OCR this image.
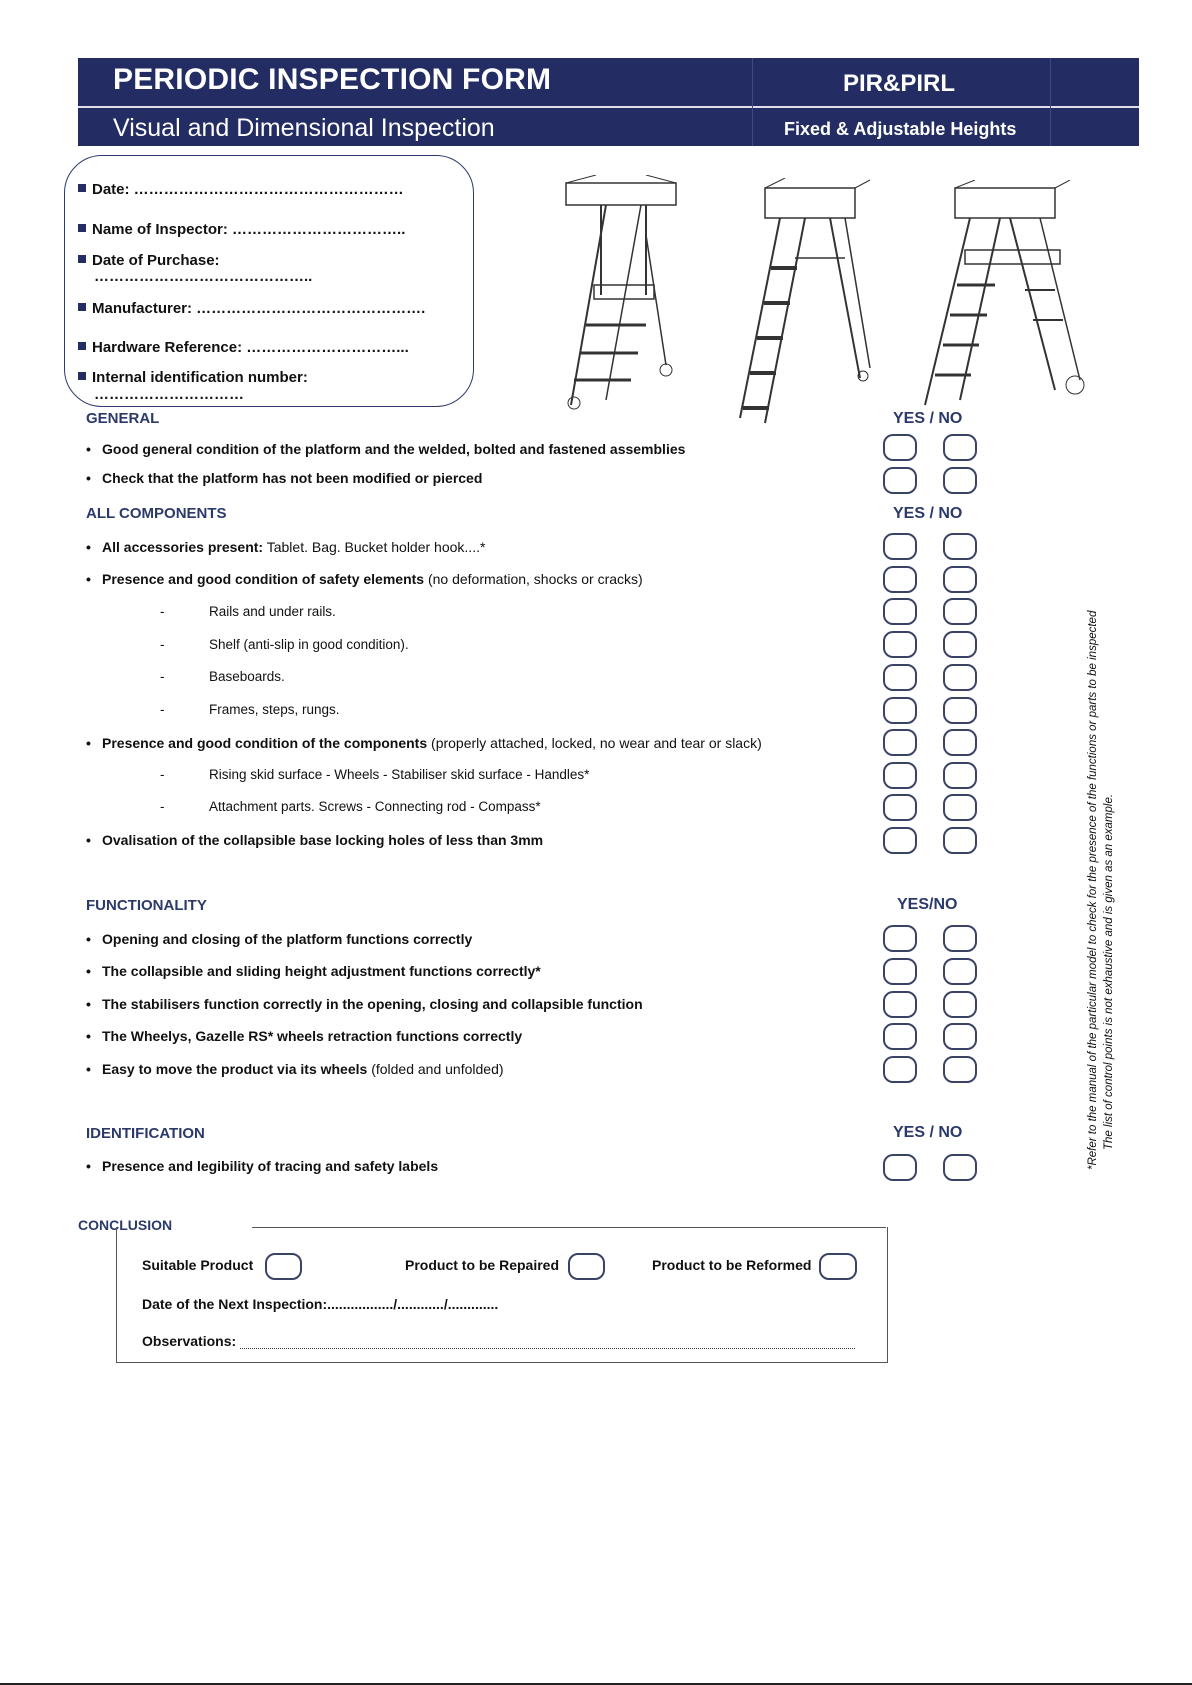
PERIODIC INSPECTION FORM
Visual and Dimensional Inspection
PIR&PIRL
Fixed & Adjustable Heights
Date: ………………………………………………
Name of Inspector: ……………………………..
Date of Purchase:
……………………………………..
Manufacturer: ……………………………………….
Hardware Reference: …………………………...
Internal identification number:
…………………………
GENERAL	YES / NO
• Good general condition of the platform and the welded, bolted and fastened assemblies
• Check that the platform has not been modified or pierced
ALL COMPONENTS	YES / NO
• All accessories present: Tablet. Bag. Bucket holder hook....*
• Presence and good condition of safety elements (no deformation, shocks or cracks)
-	Rails and under rails.
-	Shelf (anti-slip in good condition).
-	Baseboards.
-	Frames, steps, rungs.
• Presence and good condition of the components (properly attached, locked, no wear and tear or slack)
-	Rising skid surface - Wheels - Stabiliser skid surface - Handles*
-	Attachment parts. Screws - Connecting rod - Compass*
• Ovalisation of the collapsible base locking holes of less than 3mm
FUNCTIONALITY	YES/NO
• Opening and closing of the platform functions correctly
• The collapsible and sliding height adjustment functions correctly*
• The stabilisers function correctly in the opening, closing and collapsible function
• The Wheelys, Gazelle RS* wheels retraction functions correctly
• Easy to move the product via its wheels (folded and unfolded)
IDENTIFICATION	YES / NO
• Presence and legibility of tracing and safety labels	*Refer to the manual of the particular model to check for the presence of the functions or parts to be inspected The list of control points is not exhaustive and is given as an example.
CONCLUSION
Suitable Product	Product to be Repaired	Product to be Reformed
Date of the Next Inspection:................./............/.............
Observations:
